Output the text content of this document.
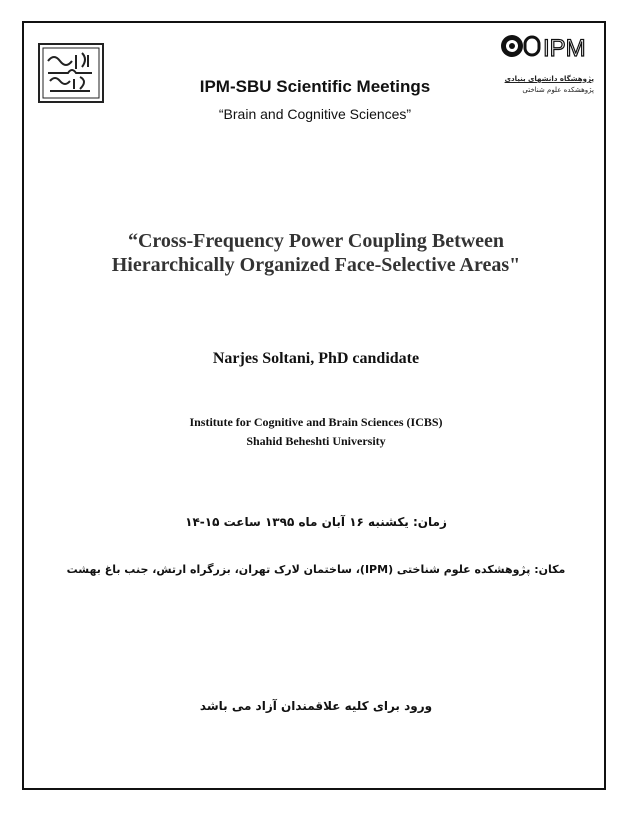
IPM
پژوهشگاه دانشهای بنیادی
پژوهشکده علوم شناختی
IPM-SBU Scientific Meetings
“Brain and Cognitive Sciences”
“Cross-Frequency Power Coupling Between
Hierarchically Organized Face-Selective Areas"
Narjes Soltani, PhD candidate
Institute for Cognitive and Brain Sciences (ICBS)
Shahid Beheshti University
زمان: یکشنبه ۱۶ آبان ماه ۱۳۹۵ ساعت ۱۵-۱۴
مکان: پژوهشکده علوم شناختی (IPM)، ساختمان لارک تهران، بزرگراه ارتش، جنب باغ بهشت
ورود برای کلیه علاقمندان آزاد می باشد
